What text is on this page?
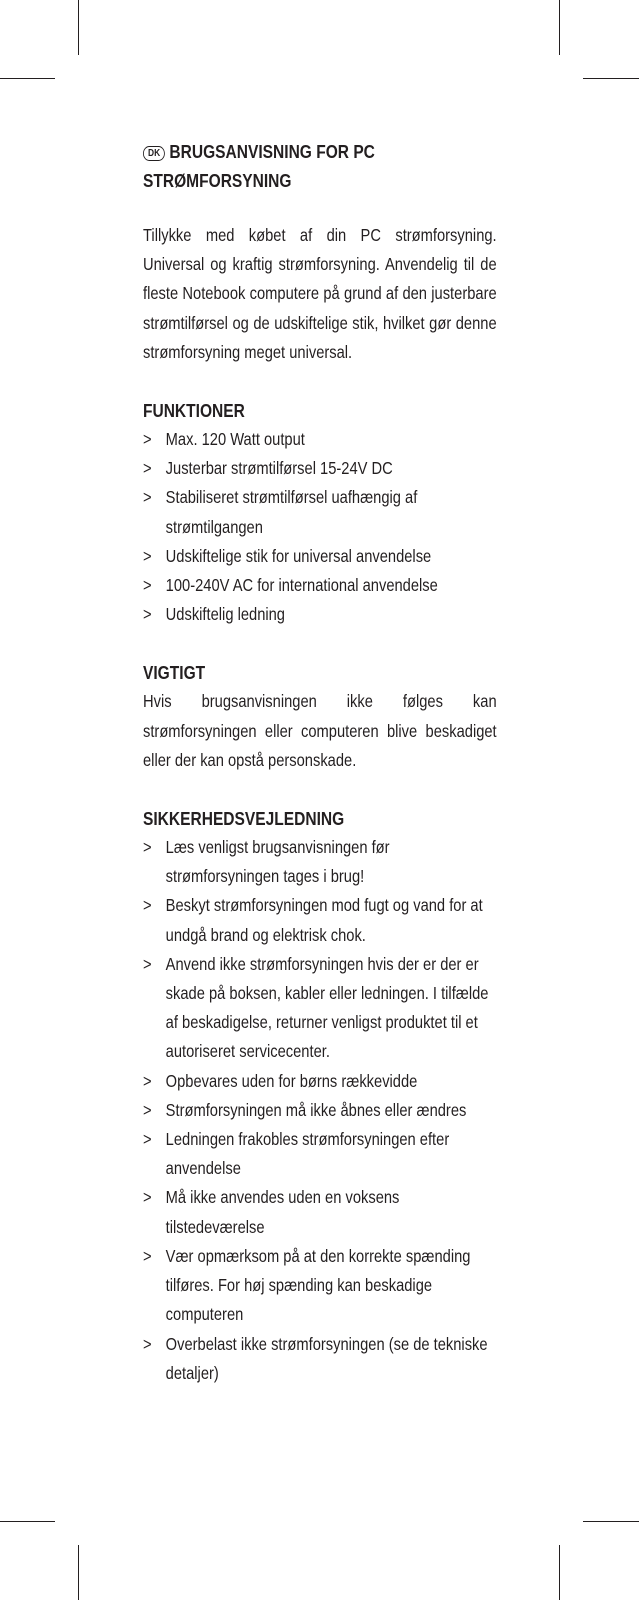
DK BRUGSANVISNING FOR PC
STRØMFORSYNING

Tillykke med købet af din PC strømforsyning. Universal og kraftig strømforsyning. Anvendelig til de fleste Notebook computere på grund af den justerbare strømtilførsel og de udskiftelige stik, hvilket gør denne strømforsyning meget universal.

FUNKTIONER
> Max. 120 Watt output
> Justerbar strømtilførsel 15-24V DC
> Stabiliseret strømtilførsel uafhængig af strømtilgangen
> Udskiftelige stik for universal anvendelse
> 100-240V AC for international anvendelse
> Udskiftelig ledning
VIGTIGT

Hvis brugsanvisningen ikke følges kan strømforsyningen eller computeren blive beskadiget eller der kan opstå personskade.

SIKKERHEDSVEJLEDNING
> Læs venligst brugsanvisningen før strømforsyningen tages i brug!
> Beskyt strømforsyningen mod fugt og vand for at undgå brand og elektrisk chok.
> Anvend ikke strømforsyningen hvis der er der er skade på boksen, kabler eller ledningen. I tilfælde af beskadigelse, returner venligst produktet til et autoriseret servicecenter.
> Opbevares uden for børns rækkevidde
> Strømforsyningen må ikke åbnes eller ændres
> Ledningen frakobles strømforsyningen efter anvendelse
> Må ikke anvendes uden en voksens tilstedeværelse
> Vær opmærksom på at den korrekte spænding tilføres. For høj spænding kan beskadige computeren
> Overbelast ikke strømforsyningen (se de tekniske detaljer)
